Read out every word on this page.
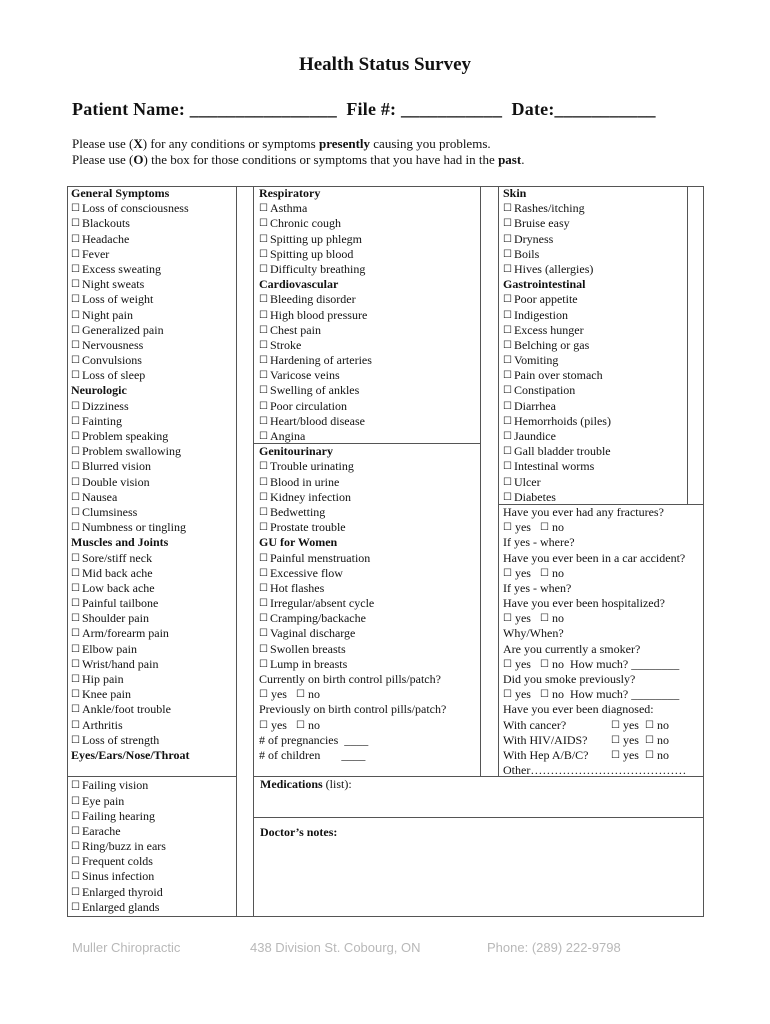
Health Status Survey
Patient Name: ________________  File #: ___________  Date:___________
Please use (X) for any conditions or symptoms presently causing you problems.
Please use (O) the box for those conditions or symptoms that you have had in the past.
General Symptoms
☐ Loss of consciousness
☐ Blackouts
☐ Headache
☐ Fever
☐ Excess sweating
☐ Night sweats
☐ Loss of weight
☐ Night pain
☐ Generalized pain
☐ Nervousness
☐ Convulsions
☐ Loss of sleep
Neurologic
☐ Dizziness
☐ Fainting
☐ Problem speaking
☐ Problem swallowing
☐ Blurred vision
☐ Double vision
☐ Nausea
☐ Clumsiness
☐ Numbness or tingling
Muscles and Joints
☐ Sore/stiff neck
☐ Mid back ache
☐ Low back ache
☐ Painful tailbone
☐ Shoulder pain
☐ Arm/forearm pain
☐ Elbow pain
☐ Wrist/hand pain
☐ Hip pain
☐ Knee pain
☐ Ankle/foot trouble
☐ Arthritis
☐ Loss of strength
Eyes/Ears/Nose/Throat
☐ Failing vision
☐ Eye pain
☐ Failing hearing
☐ Earache
☐ Ring/buzz in ears
☐ Frequent colds
☐ Sinus infection
☐ Enlarged thyroid
☐ Enlarged glands
Respiratory
☐ Asthma
☐ Chronic cough
☐ Spitting up phlegm
☐ Spitting up blood
☐ Difficulty breathing
Cardiovascular
☐ Bleeding disorder
☐ High blood pressure
☐ Chest pain
☐ Stroke
☐ Hardening of arteries
☐ Varicose veins
☐ Swelling of ankles
☐ Poor circulation
☐ Heart/blood disease
☐ Angina
Genitourinary
☐ Trouble urinating
☐ Blood in urine
☐ Kidney infection
☐ Bedwetting
☐ Prostate trouble
GU for Women
☐ Painful menstruation
☐ Excessive flow
☐ Hot flashes
☐ Irregular/absent cycle
☐ Cramping/backache
☐ Vaginal discharge
☐ Swollen breasts
☐ Lump in breasts
Currently on birth control pills/patch?
☐ yes ☐ no
Previously on birth control pills/patch?
☐ yes ☐ no
# of pregnancies  ____
# of children       ____
Medications (list):
Doctor’s notes:
Skin
☐ Rashes/itching
☐ Bruise easy
☐ Dryness
☐ Boils
☐ Hives (allergies)
Gastrointestinal
☐ Poor appetite
☐ Indigestion
☐ Excess hunger
☐ Belching or gas
☐ Vomiting
☐ Pain over stomach
☐ Constipation
☐ Diarrhea
☐ Hemorrhoids (piles)
☐ Jaundice
☐ Gall bladder trouble
☐ Intestinal worms
☐ Ulcer
☐ Diabetes
Have you ever had any fractures?
☐ yes ☐ no
If yes - where?
Have you ever been in a car accident?
☐ yes ☐ no
If yes - when?
Have you ever been hospitalized?
☐ yes ☐ no
Why/When?
Are you currently a smoker?
☐ yes ☐ no How much? ________
Did you smoke previously?
☐ yes ☐ no How much? ________
Have you ever been diagnosed:
With cancer?	☐ yes ☐ no
With HIV/AIDS? ☐ yes ☐ no
With Hep A/B/C? ☐ yes ☐ no
Other…………………………………
Muller Chiropractic	438 Division St. Cobourg, ON	Phone: (289) 222-9798
